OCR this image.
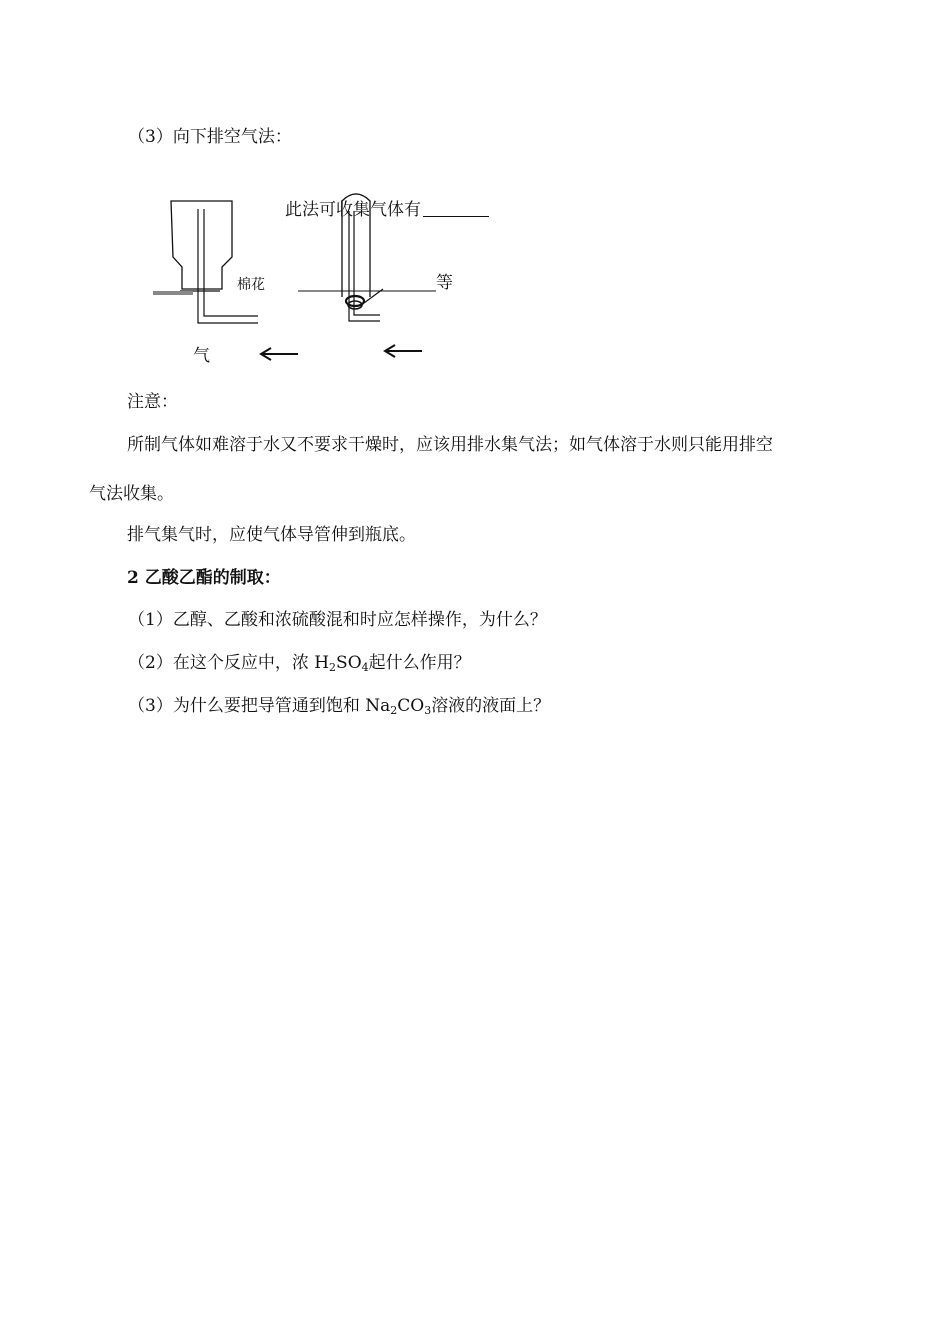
（3）向下排空气法：
此法可收集气体有
等
棉花
气
注意：
所制气体如难溶于水又不要求干燥时，应该用排水集气法；如气体溶于水则只能用排空
气法收集。
排气集气时，应使气体导管伸到瓶底。
2 乙酸乙酯的制取：
（1）乙醇、乙酸和浓硫酸混和时应怎样操作，为什么？
（2）在这个反应中，浓 $H_2SO_4$起什么作用？
（3）为什么要把导管通到饱和 $Na_2CO_3$溶液的液面上？
